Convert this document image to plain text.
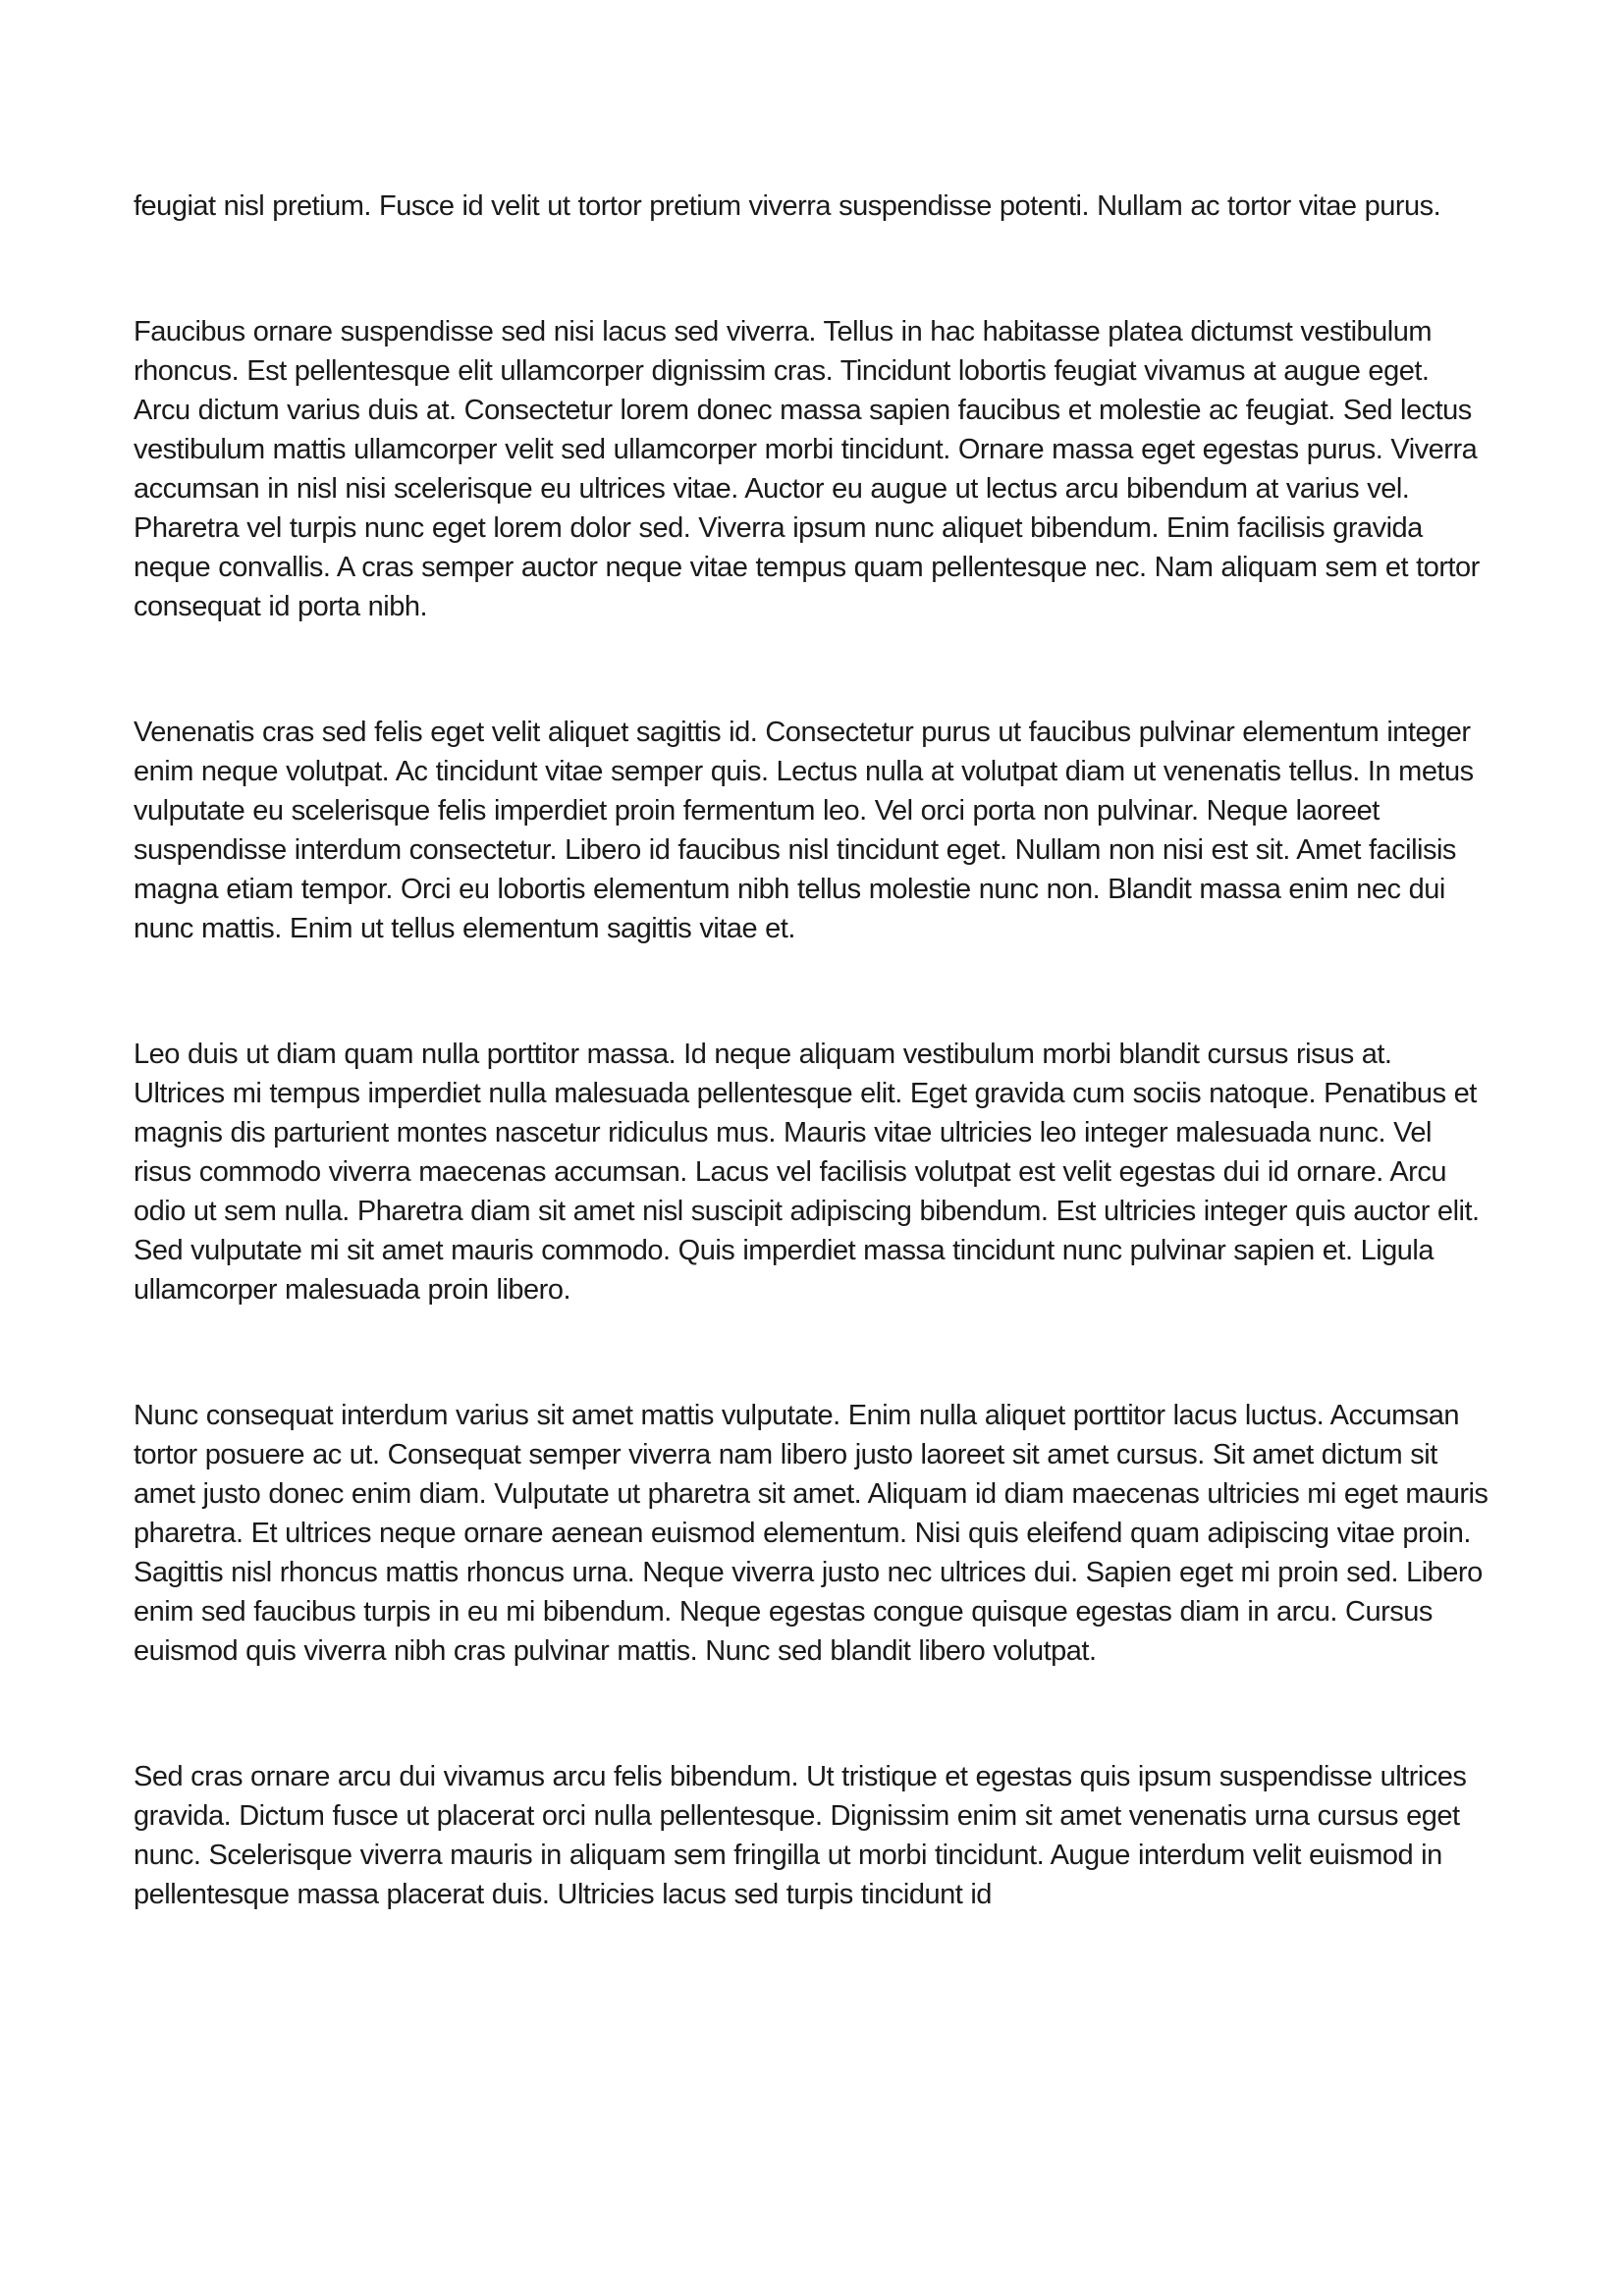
feugiat nisl pretium. Fusce id velit ut tortor pretium viverra suspendisse potenti. Nullam ac tortor vitae purus.

Faucibus ornare suspendisse sed nisi lacus sed viverra. Tellus in hac habitasse platea dictumst vestibulum rhoncus. Est pellentesque elit ullamcorper dignissim cras. Tincidunt lobortis feugiat vivamus at augue eget. Arcu dictum varius duis at. Consectetur lorem donec massa sapien faucibus et molestie ac feugiat. Sed lectus vestibulum mattis ullamcorper velit sed ullamcorper morbi tincidunt. Ornare massa eget egestas purus. Viverra accumsan in nisl nisi scelerisque eu ultrices vitae. Auctor eu augue ut lectus arcu bibendum at varius vel. Pharetra vel turpis nunc eget lorem dolor sed. Viverra ipsum nunc aliquet bibendum. Enim facilisis gravida neque convallis. A cras semper auctor neque vitae tempus quam pellentesque nec. Nam aliquam sem et tortor consequat id porta nibh.

Venenatis cras sed felis eget velit aliquet sagittis id. Consectetur purus ut faucibus pulvinar elementum integer enim neque volutpat. Ac tincidunt vitae semper quis. Lectus nulla at volutpat diam ut venenatis tellus. In metus vulputate eu scelerisque felis imperdiet proin fermentum leo. Vel orci porta non pulvinar. Neque laoreet suspendisse interdum consectetur. Libero id faucibus nisl tincidunt eget. Nullam non nisi est sit. Amet facilisis magna etiam tempor. Orci eu lobortis elementum nibh tellus molestie nunc non. Blandit massa enim nec dui nunc mattis. Enim ut tellus elementum sagittis vitae et.

Leo duis ut diam quam nulla porttitor massa. Id neque aliquam vestibulum morbi blandit cursus risus at. Ultrices mi tempus imperdiet nulla malesuada pellentesque elit. Eget gravida cum sociis natoque. Penatibus et magnis dis parturient montes nascetur ridiculus mus. Mauris vitae ultricies leo integer malesuada nunc. Vel risus commodo viverra maecenas accumsan. Lacus vel facilisis volutpat est velit egestas dui id ornare. Arcu odio ut sem nulla. Pharetra diam sit amet nisl suscipit adipiscing bibendum. Est ultricies integer quis auctor elit. Sed vulputate mi sit amet mauris commodo. Quis imperdiet massa tincidunt nunc pulvinar sapien et. Ligula ullamcorper malesuada proin libero.

Nunc consequat interdum varius sit amet mattis vulputate. Enim nulla aliquet porttitor lacus luctus. Accumsan tortor posuere ac ut. Consequat semper viverra nam libero justo laoreet sit amet cursus. Sit amet dictum sit amet justo donec enim diam. Vulputate ut pharetra sit amet. Aliquam id diam maecenas ultricies mi eget mauris pharetra. Et ultrices neque ornare aenean euismod elementum. Nisi quis eleifend quam adipiscing vitae proin. Sagittis nisl rhoncus mattis rhoncus urna. Neque viverra justo nec ultrices dui. Sapien eget mi proin sed. Libero enim sed faucibus turpis in eu mi bibendum. Neque egestas congue quisque egestas diam in arcu. Cursus euismod quis viverra nibh cras pulvinar mattis. Nunc sed blandit libero volutpat.

Sed cras ornare arcu dui vivamus arcu felis bibendum. Ut tristique et egestas quis ipsum suspendisse ultrices gravida. Dictum fusce ut placerat orci nulla pellentesque. Dignissim enim sit amet venenatis urna cursus eget nunc. Scelerisque viverra mauris in aliquam sem fringilla ut morbi tincidunt. Augue interdum velit euismod in pellentesque massa placerat duis. Ultricies lacus sed turpis tincidunt id
